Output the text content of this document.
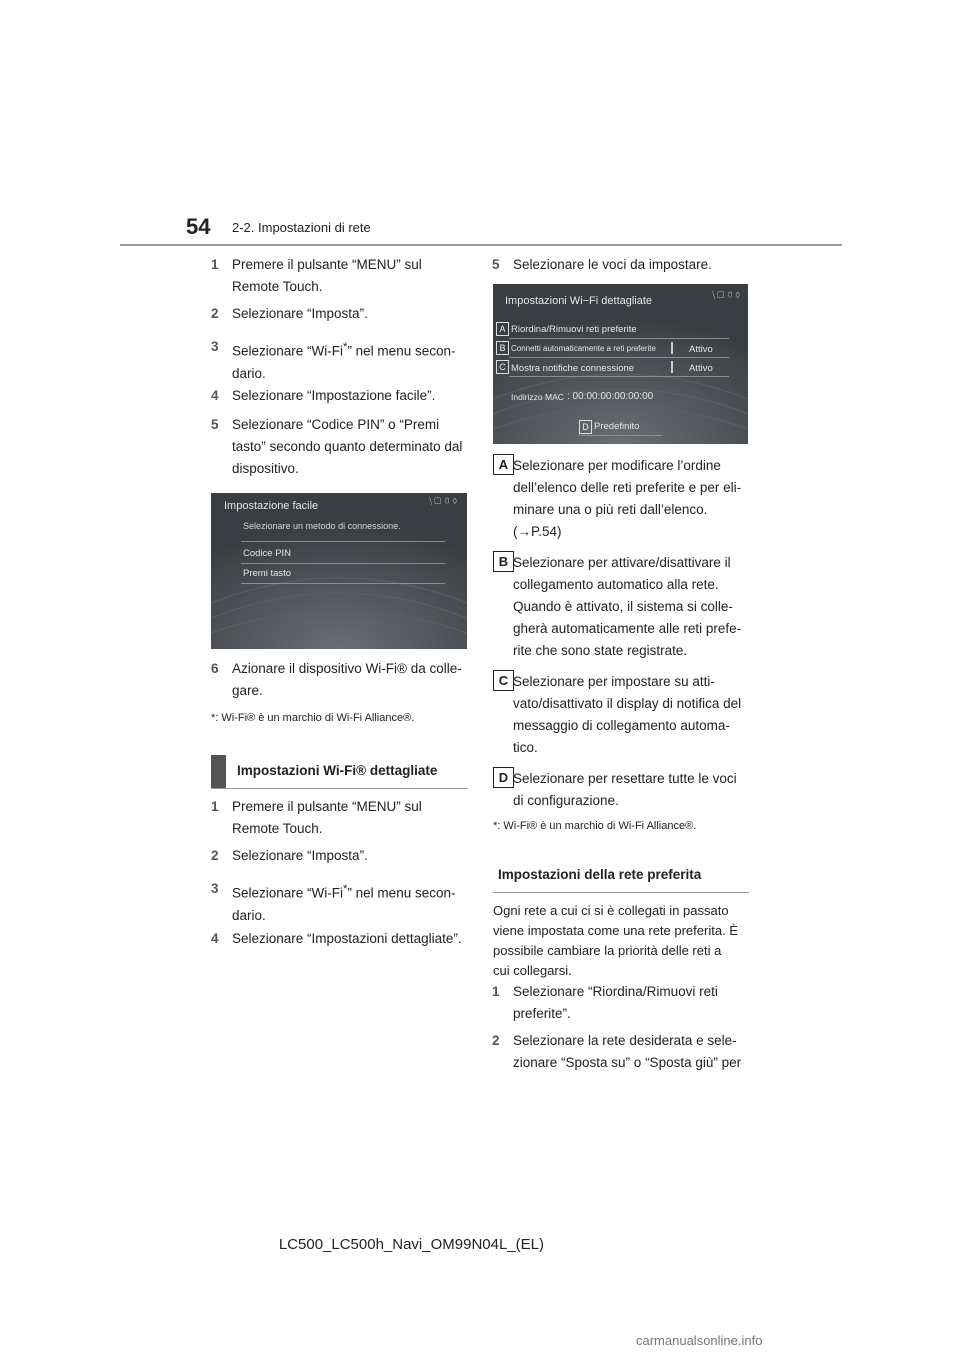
54 2-2. Impostazioni di rete
1 Premere il pulsante “MENU” sul
Remote Touch.
2 Selezionare “Imposta”.
3 Selezionare “Wi-Fi*” nel menu secon-
dario.
4 Selezionare “Impostazione facile”.
5 Selezionare “Codice PIN” o “Premi
tasto” secondo quanto determinato dal
dispositivo.
Impostazione facile	⧹▢▯◊
Selezionare un metodo di connessione.
Codice PIN
Premi tasto
6 Azionare il dispositivo Wi-Fi® da colle-
gare.
*: Wi-Fi® è un marchio di Wi-Fi Alliance®.
Impostazioni Wi-Fi® dettagliate
1 Premere il pulsante “MENU” sul
Remote Touch.
2 Selezionare “Imposta”.
3 Selezionare “Wi-Fi*” nel menu secon-
dario.
4 Selezionare “Impostazioni dettagliate”.
5 Selezionare le voci da impostare.
Impostazioni Wi−Fi dettagliate	⧹▢▯◊
A Riordina/Rimuovi reti preferite
B Connetti automaticamente a reti preferite	Attivo
C Mostra notifiche connessione	Attivo
Indirizzo MAC : 00:00:00:00:00:00
D Predefinito
A Selezionare per modificare l’ordine
dell’elenco delle reti preferite e per eli-
minare una o più reti dall’elenco.
(→P.54)
B Selezionare per attivare/disattivare il
collegamento automatico alla rete.
Quando è attivato, il sistema si colle-
gherà automaticamente alle reti prefe-
rite che sono state registrate.
C Selezionare per impostare su atti-
vato/disattivato il display di notifica del
messaggio di collegamento automa-
tico.
D Selezionare per resettare tutte le voci
di configurazione.
*: Wi-Fi® è un marchio di Wi-Fi Alliance®.
Impostazioni della rete preferita
Ogni rete a cui ci si è collegati in passato
viene impostata come una rete preferita. È
possibile cambiare la priorità delle reti a
cui collegarsi.
1 Selezionare “Riordina/Rimuovi reti
preferite”.
2 Selezionare la rete desiderata e sele-
zionare “Sposta su” o “Sposta giù” per
LC500_LC500h_Navi_OM99N04L_(EL)
carmanualsonline.info
